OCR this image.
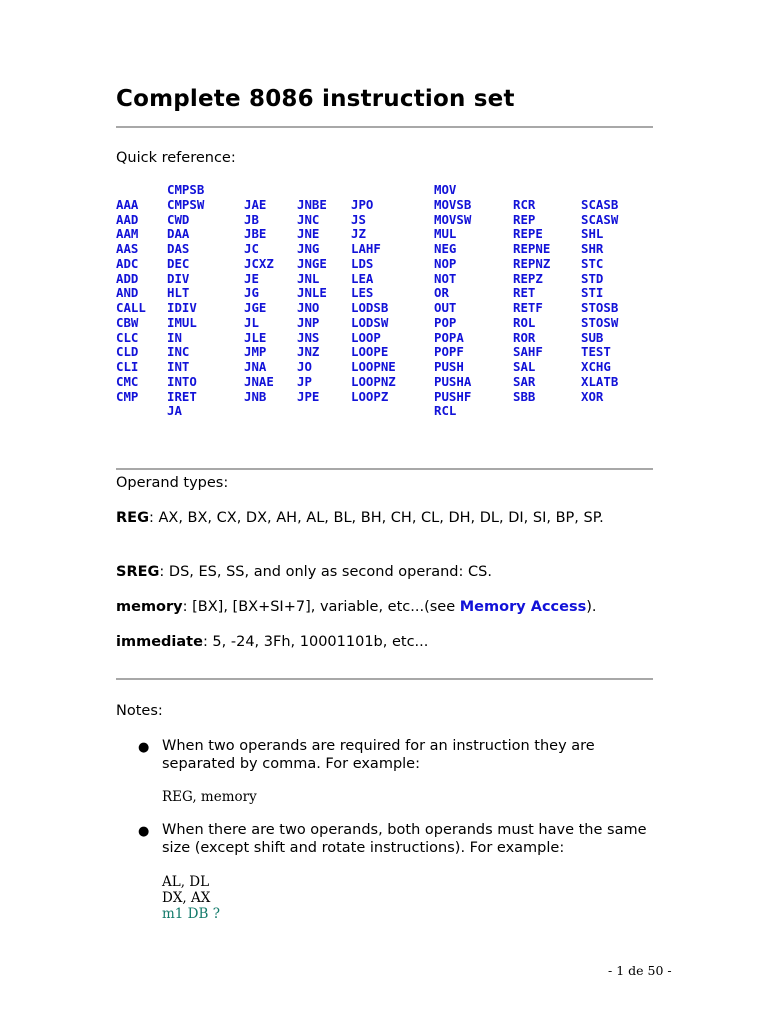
Complete 8086 instruction set
Quick reference:
AAA
AAD
AAM
AAS
ADC
ADD
AND
CALL
CBW
CLC
CLD
CLI
CMC
CMP
CMPSB
CMPSW
CWD
DAA
DAS
DEC
DIV
HLT
IDIV
IMUL
IN
INC
INT
INTO
IRET
JA
JAE
JB
JBE
JC
JCXZ
JE
JG
JGE
JL
JLE
JMP
JNA
JNAE
JNB
JNBE
JNC
JNE
JNG
JNGE
JNL
JNLE
JNO
JNP
JNS
JNZ
JO
JP
JPE
JPO
JS
JZ
LAHF
LDS
LEA
LES
LODSB
LODSW
LOOP
LOOPE
LOOPNE
LOOPNZ
LOOPZ
MOV
MOVSB
MOVSW
MUL
NEG
NOP
NOT
OR
OUT
POP
POPA
POPF
PUSH
PUSHA
PUSHF
RCL
RCR
REP
REPE
REPNE
REPNZ
REPZ
RET
RETF
ROL
ROR
SAHF
SAL
SAR
SBB
SCASB
SCASW
SHL
SHR
STC
STD
STI
STOSB
STOSW
SUB
TEST
XCHG
XLATB
XOR
Operand types:

REG: AX, BX, CX, DX, AH, AL, BL, BH, CH, CL, DH, DL, DI, SI, BP, SP.

SREG: DS, ES, SS, and only as second operand: CS.

memory: [BX], [BX+SI+7], variable, etc...(see Memory Access).

immediate: 5, -24, 3Fh, 10001101b, etc...

Notes:
● When two operands are required for an instruction they are separated by comma. For example:

REG, memory
● When there are two operands, both operands must have the same size (except shift and rotate instructions). For example:

AL, DL
DX, AX
m1 DB ?
- 1 de 50 -
